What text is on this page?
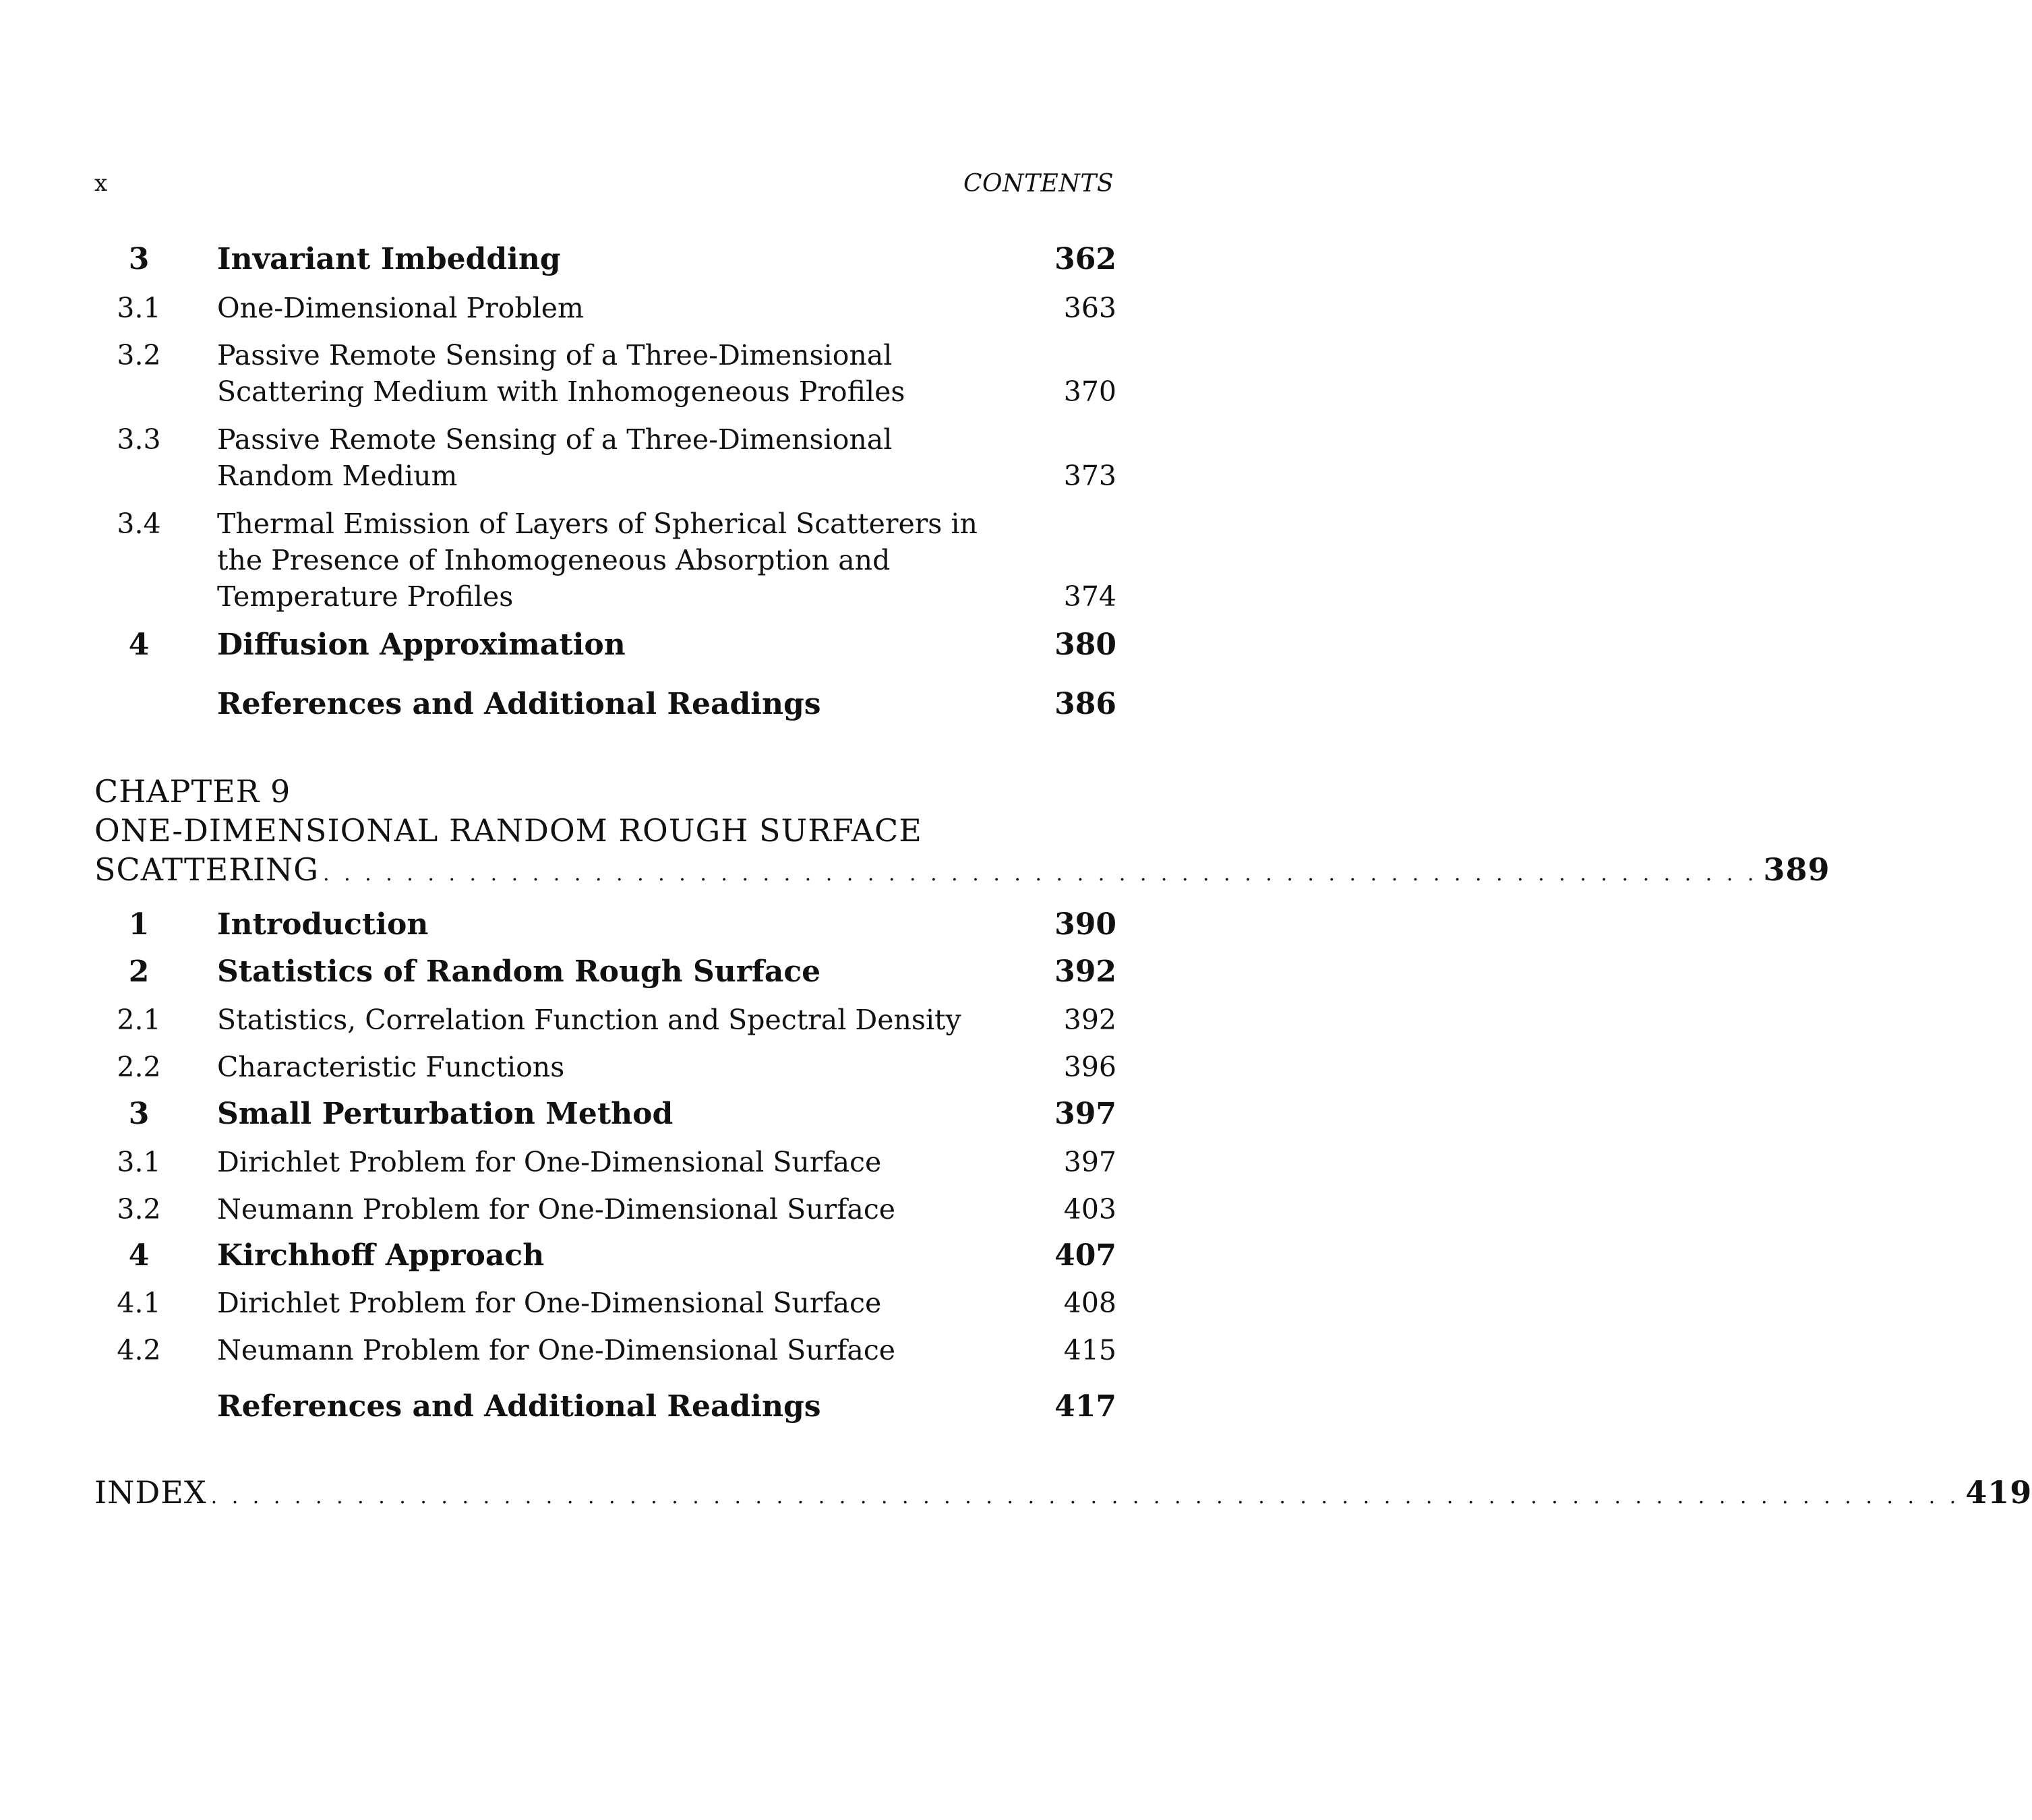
x	CONTENTS
3	Invariant Imbedding	362
3.1 One-Dimensional Problem	363
3.2 Passive Remote Sensing of a Three-Dimensional Scattering Medium with Inhomogeneous Profiles	370
3.3 Passive Remote Sensing of a Three-Dimensional Random Medium	373
3.4 Thermal Emission of Layers of Spherical Scatterers in the Presence of Inhomogeneous Absorption and Temperature Profiles	374
4	Diffusion Approximation	380
References and Additional Readings	386
CHAPTER 9
ONE-DIMENSIONAL RANDOM ROUGH SURFACE
SCATTERING . . . . . . . . . . . . . . . . . . . . . . . . . . . . . . . . . . . . . . . . . . . . . . . . . . . . . . . . . . . . . . . . . . . . . 389
1	Introduction	390
2	Statistics of Random Rough Surface	392
2.1 Statistics, Correlation Function and Spectral Density	392
2.2 Characteristic Functions	396
3	Small Perturbation Method	397
3.1 Dirichlet Problem for One-Dimensional Surface	397
3.2 Neumann Problem for One-Dimensional Surface	403
4	Kirchhoff Approach	407
4.1 Dirichlet Problem for One-Dimensional Surface	408
4.2 Neumann Problem for One-Dimensional Surface	415
References and Additional Readings	417
INDEX . . . . . . . . . . . . . . . . . . . . . . . . . . . . . . . . . . . . . . . . . . . . . . . . . . . . . . . . . . . . . . . . . . . . . . . . . . . . . . . . . . . . 419
